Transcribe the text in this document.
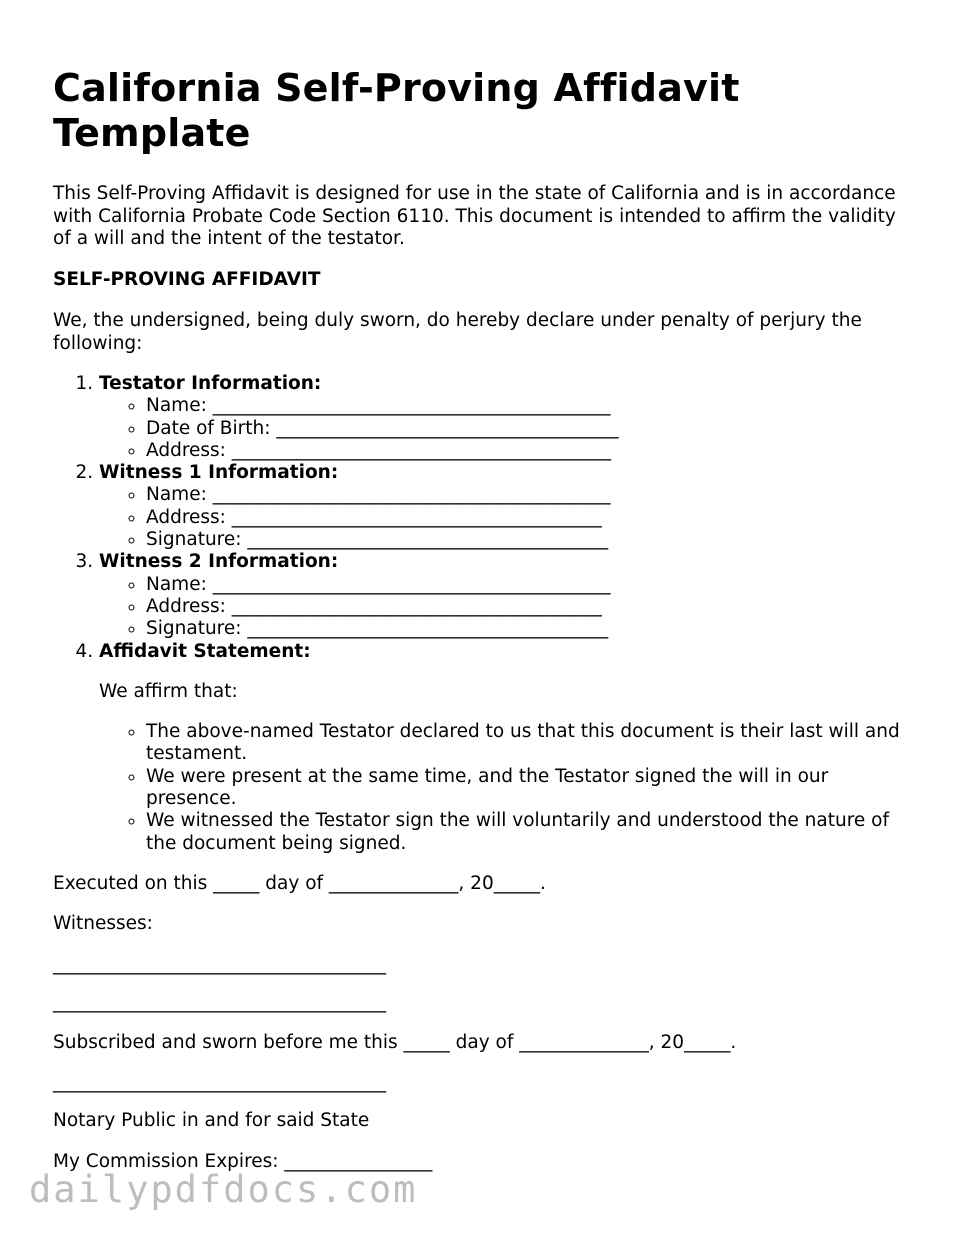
California Self-Proving Affidavit Template

This Self-Proving Affidavit is designed for use in the state of California and is in accordance with California Probate Code Section 6110. This document is intended to affirm the validity of a will and the intent of the testator.

SELF-PROVING AFFIDAVIT

We, the undersigned, being duly sworn, do hereby declare under penalty of perjury the following:

1. Testator Information:
◦ Name: ___________________________________________
◦ Date of Birth: _____________________________________
◦ Address: _________________________________________
2. Witness 1 Information:
◦ Name: ___________________________________________
◦ Address: ________________________________________
◦ Signature: _______________________________________
3. Witness 2 Information:
◦ Name: ___________________________________________
◦ Address: ________________________________________
◦ Signature: _______________________________________
4. Affidavit Statement:
We affirm that:
◦ The above-named Testator declared to us that this document is their last will and testament.
◦ We were present at the same time, and the Testator signed the will in our presence.
◦ We witnessed the Testator sign the will voluntarily and understood the nature of the document being signed.

Executed on this _____ day of ______________, 20_____.

Witnesses:

____________________________________
____________________________________

Subscribed and sworn before me this _____ day of ______________, 20_____.

____________________________________

Notary Public in and for said State

My Commission Expires: ________________

dailypdfdocs.com
